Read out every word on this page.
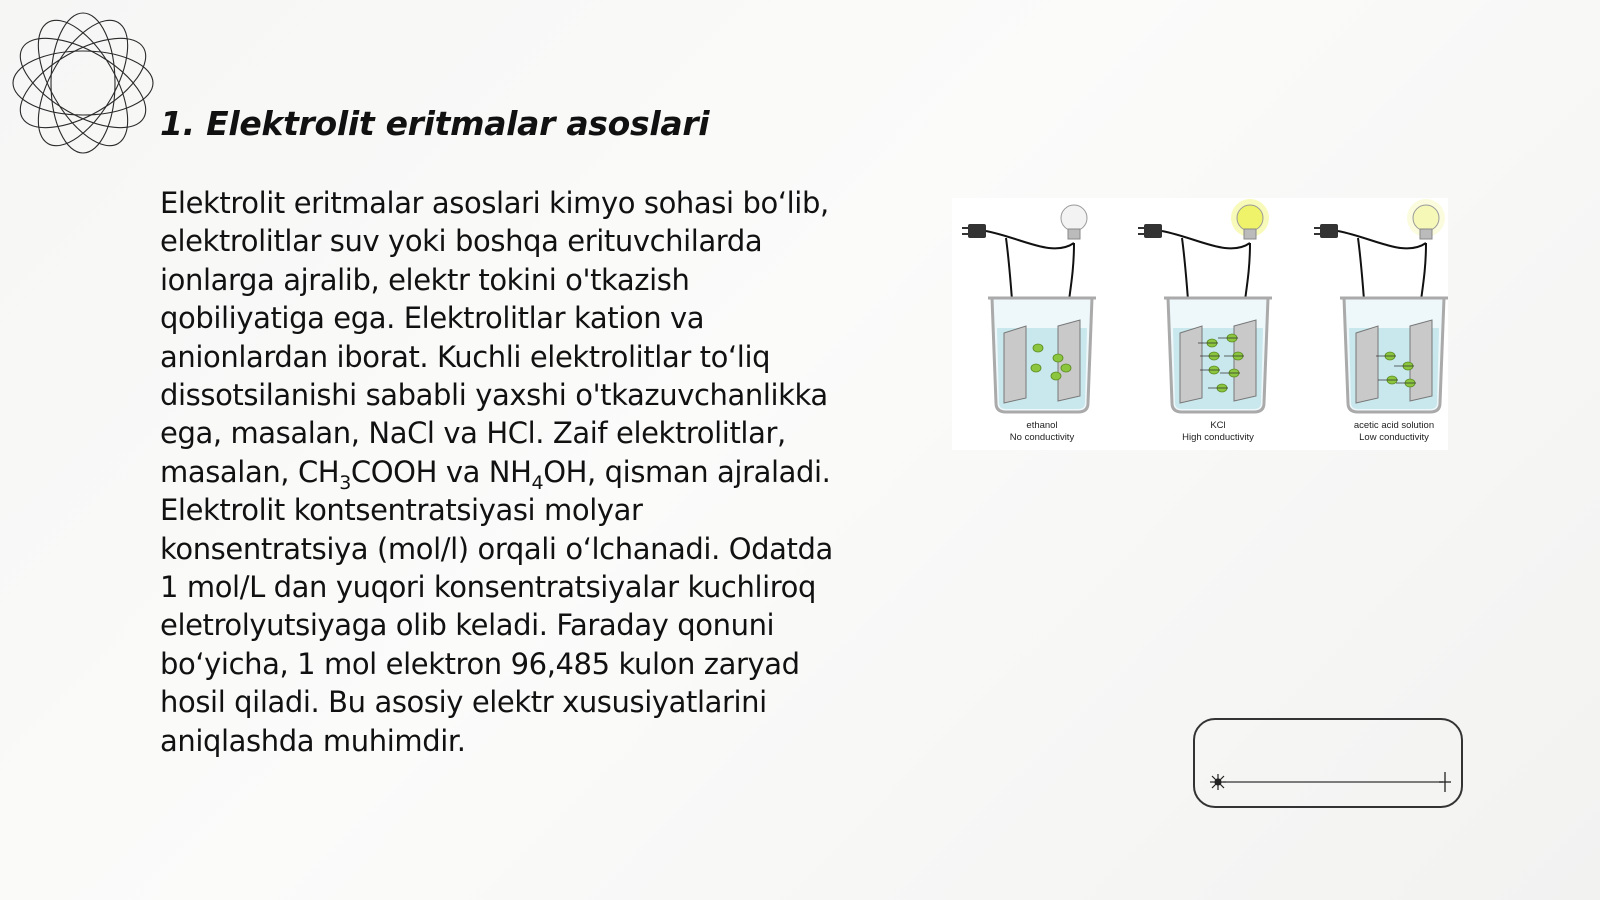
1. Elektrolit eritmalar asoslari

Elektrolit eritmalar asoslari kimyo sohasi bo‘lib, elektrolitlar suv yoki boshqa erituvchilarda ionlarga ajralib, elektr tokini o'tkazish qobiliyatiga ega. Elektrolitlar kation va anionlardan iborat. Kuchli elektrolitlar to‘liq dissotsilanishi sababli yaxshi o'tkazuvchanlikka ega, masalan, NaCl va HCl. Zaif elektrolitlar, masalan, $CH_3COOH$ va $NH_4OH$, qisman ajraladi. Elektrolit kontsentratsiyasi molyar konsentratsiya (mol/l) orqali o‘lchanadi. Odatda 1 mol/L dan yuqori konsentratsiyalar kuchliroq eletrolyutsiyaga olib keladi. Faraday qonuni bo‘yicha, 1 mol elektron 96,485 kulon zaryad hosil qiladi. Bu asosiy elektr xususiyatlarini aniqlashda muhimdir.

ethanol
No conductivity
KCl
High conductivity
acetic acid solution
Low conductivity
